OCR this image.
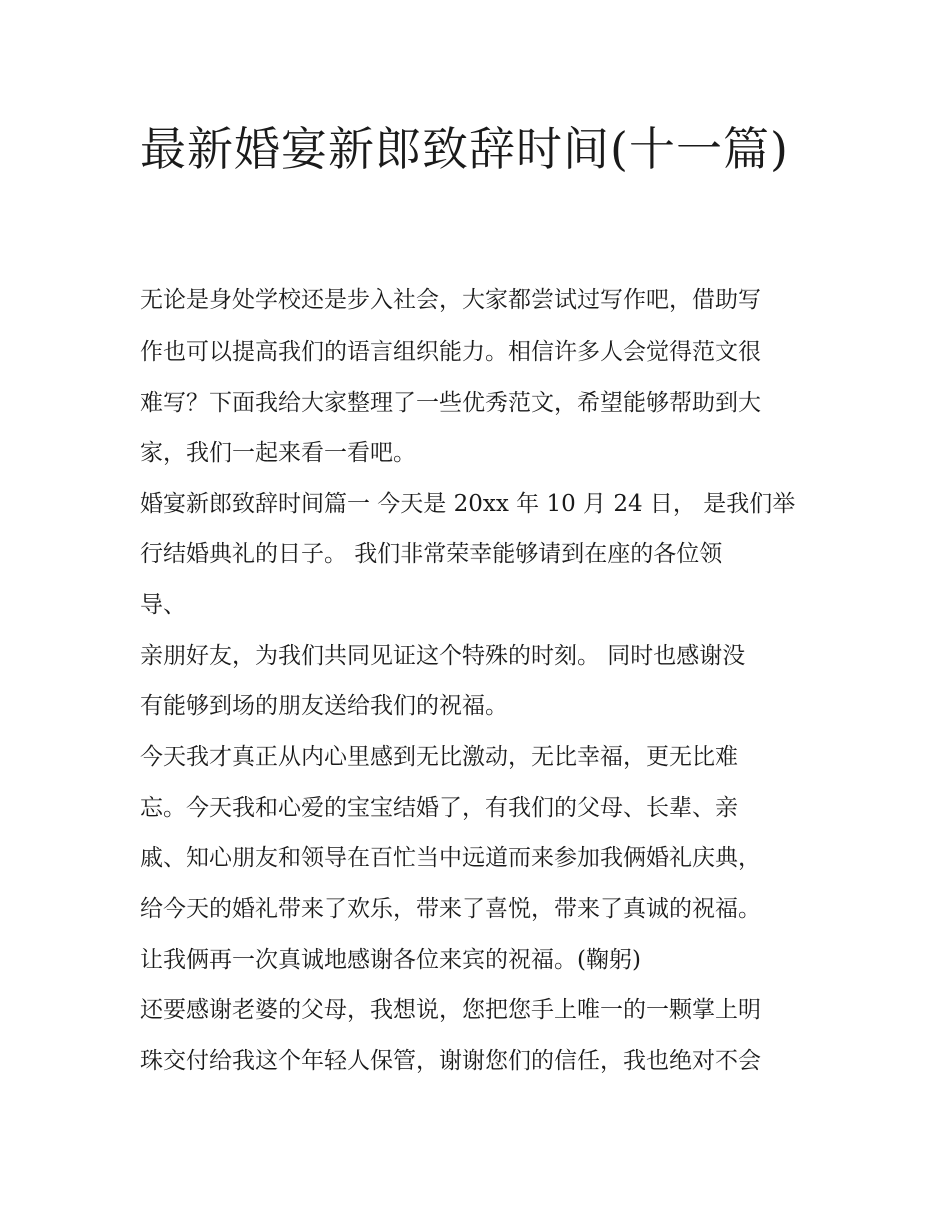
最新婚宴新郎致辞时间(十一篇)

无论是身处学校还是步入社会，大家都尝试过写作吧，借助写

作也可以提高我们的语言组织能力。相信许多人会觉得范文很

难写？下面我给大家整理了一些优秀范文，希望能够帮助到大

家，我们一起来看一看吧。

婚宴新郎致辞时间篇一 今天是 20xx 年 10 月 24 日， 是我们举

行结婚典礼的日子。 我们非常荣幸能够请到在座的各位领

导、

亲朋好友，为我们共同见证这个特殊的时刻。 同时也感谢没

有能够到场的朋友送给我们的祝福。

今天我才真正从内心里感到无比激动，无比幸福，更无比难

忘。今天我和心爱的宝宝结婚了，有我们的父母、长辈、亲

戚、知心朋友和领导在百忙当中远道而来参加我俩婚礼庆典，

给今天的婚礼带来了欢乐，带来了喜悦，带来了真诚的祝福。

让我俩再一次真诚地感谢各位来宾的祝福。(鞠躬)

还要感谢老婆的父母，我想说，您把您手上唯一的一颗掌上明

珠交付给我这个年轻人保管，谢谢您们的信任，我也绝对不会
